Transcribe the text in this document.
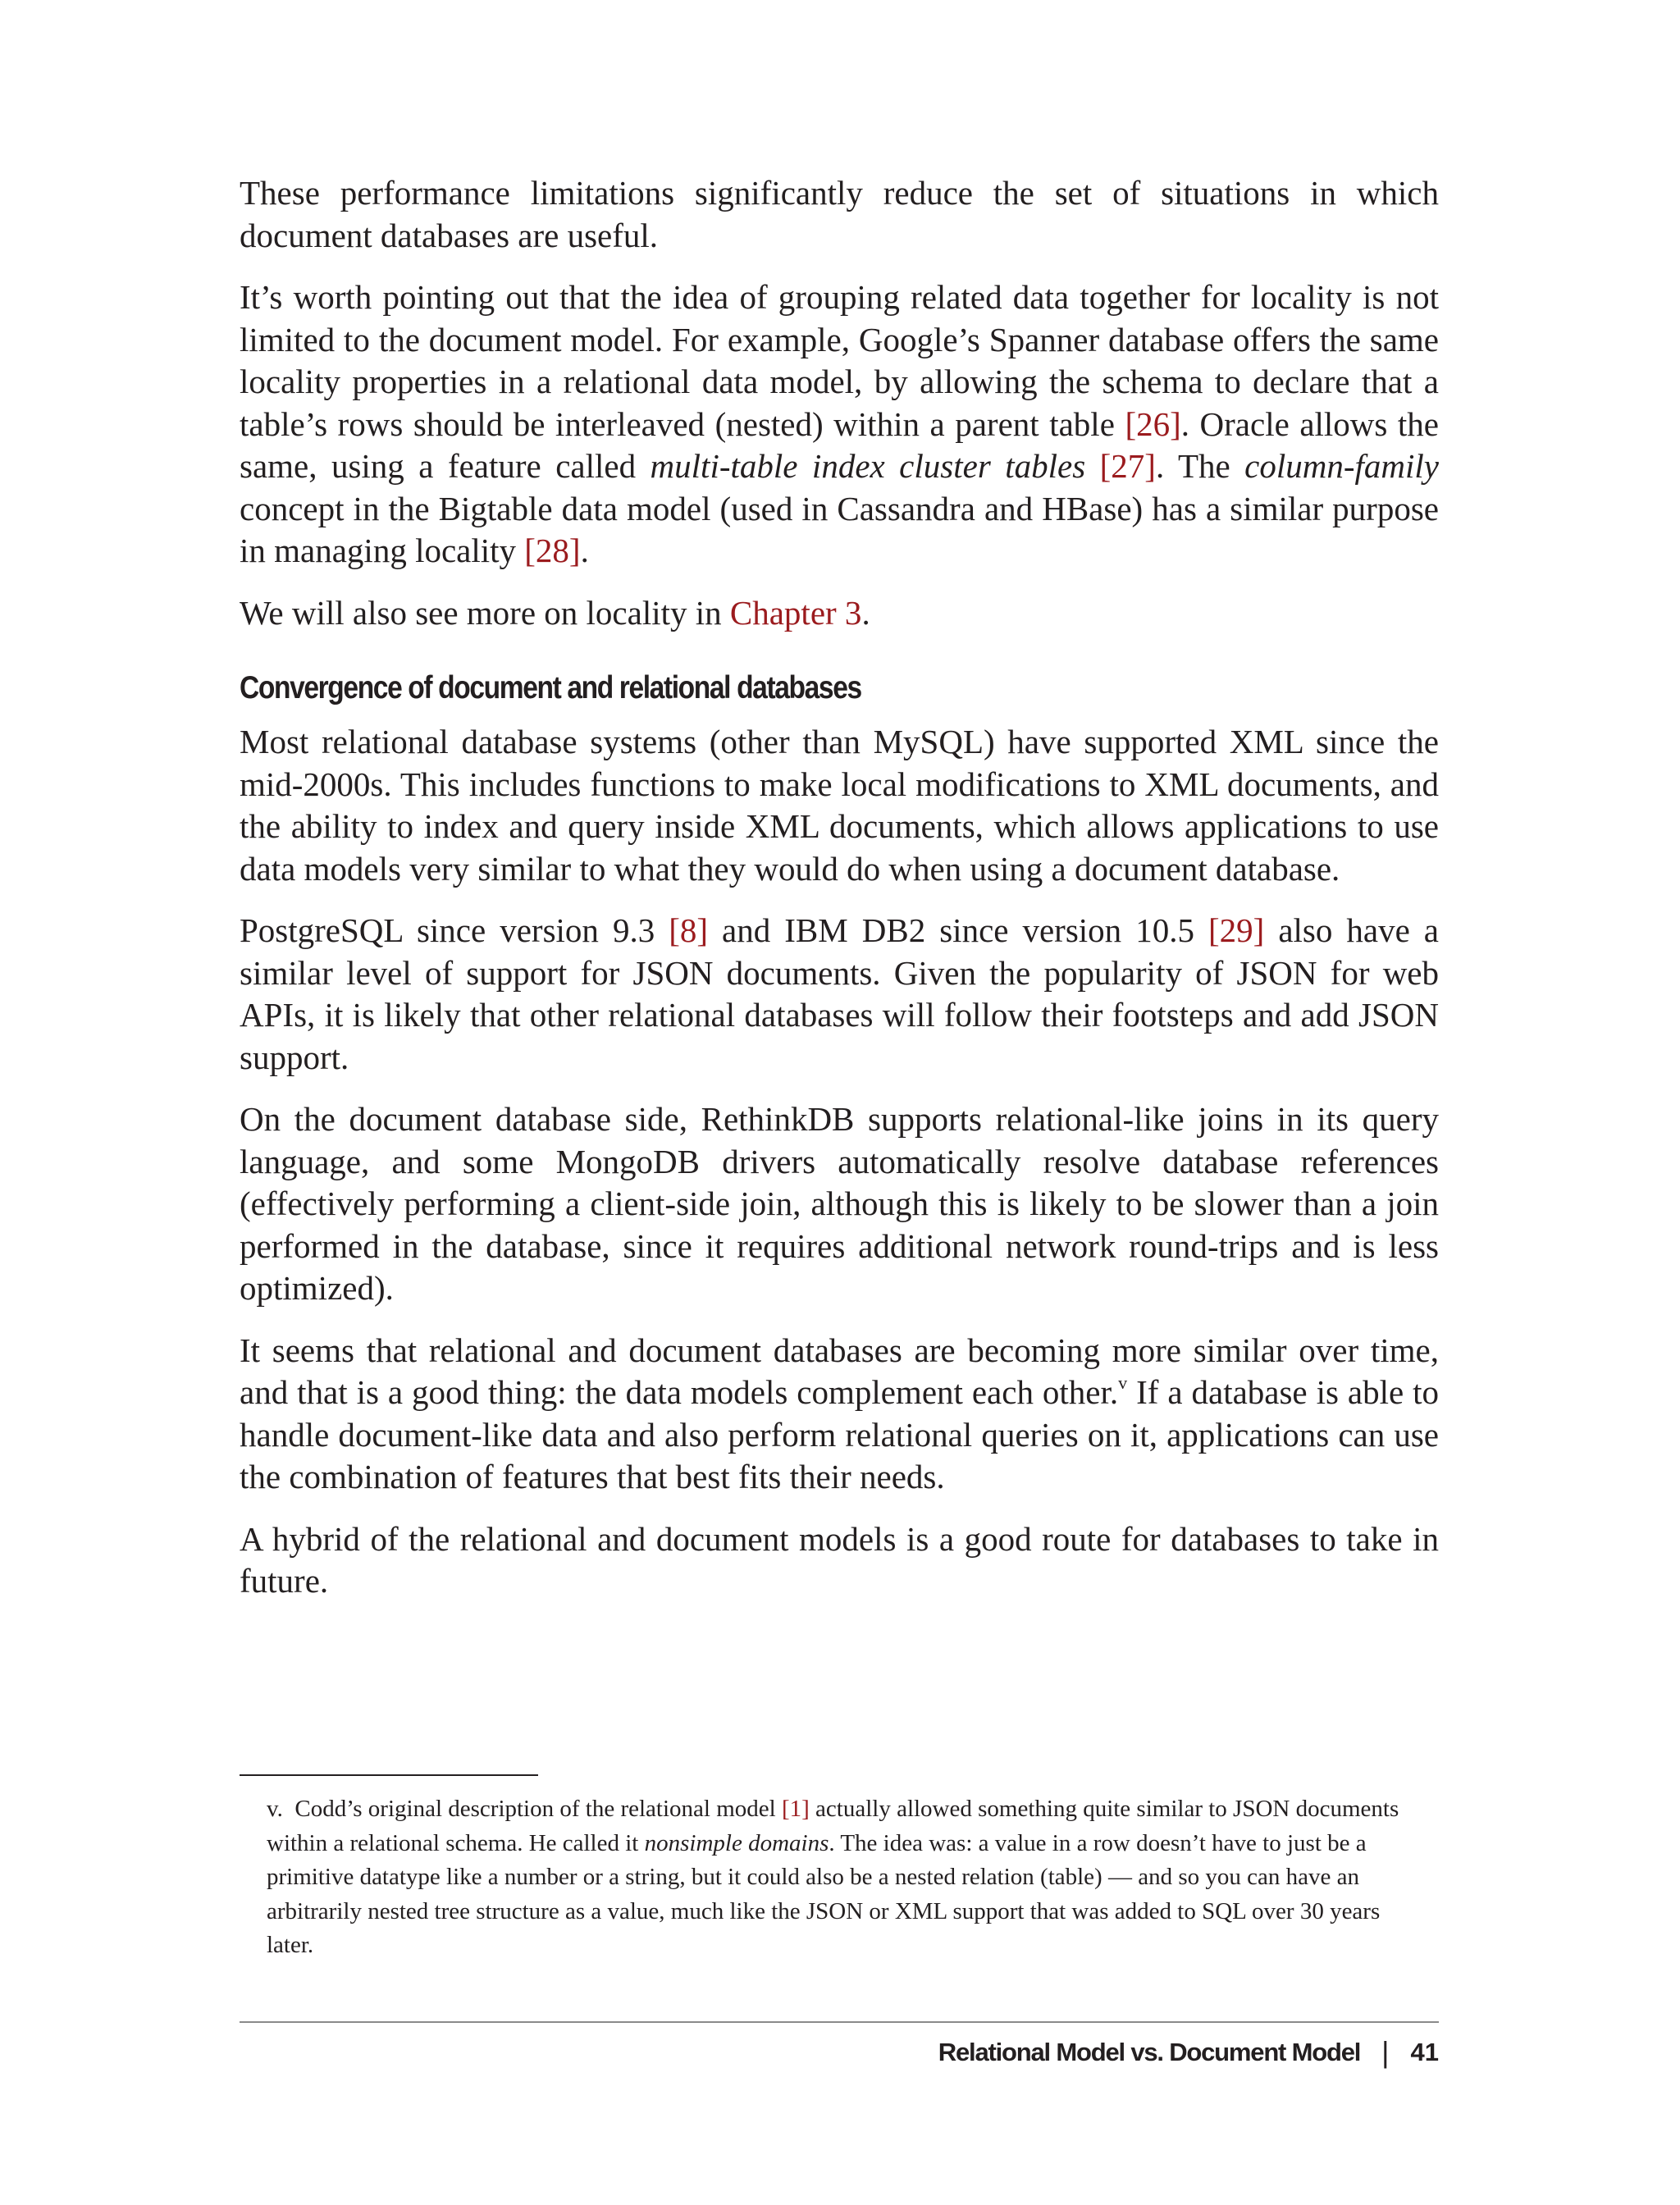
These performance limitations significantly reduce the set of situations in which document databases are useful.

It’s worth pointing out that the idea of grouping related data together for locality is not limited to the document model. For example, Google’s Spanner database offers the same locality properties in a relational data model, by allowing the schema to declare that a table’s rows should be interleaved (nested) within a parent table [26]. Oracle allows the same, using a feature called multi-table index cluster tables [27]. The column-family concept in the Bigtable data model (used in Cassandra and HBase) has a similar purpose in managing locality [28].

We will also see more on locality in Chapter 3.

Convergence of document and relational databases

Most relational database systems (other than MySQL) have supported XML since the mid-2000s. This includes functions to make local modifications to XML documents, and the ability to index and query inside XML documents, which allows applications to use data models very similar to what they would do when using a document database.

PostgreSQL since version 9.3 [8] and IBM DB2 since version 10.5 [29] also have a similar level of support for JSON documents. Given the popularity of JSON for web APIs, it is likely that other relational databases will follow their footsteps and add JSON support.

On the document database side, RethinkDB supports relational-like joins in its query language, and some MongoDB drivers automatically resolve database references (effectively performing a client-side join, although this is likely to be slower than a join performed in the database, since it requires additional network round-trips and is less optimized).

It seems that relational and document databases are becoming more similar over time, and that is a good thing: the data models complement each other.$^v$ If a database is able to handle document-like data and also perform relational queries on it, applications can use the combination of features that best fits their needs.

A hybrid of the relational and document models is a good route for databases to take in future.

v. Codd’s original description of the relational model [1] actually allowed something quite similar to JSON documents within a relational schema. He called it nonsimple domains. The idea was: a value in a row doesn’t have to just be a primitive datatype like a number or a string, but it could also be a nested relation (table) — and so you can have an arbitrarily nested tree structure as a value, much like the JSON or XML support that was added to SQL over 30 years later.

Relational Model vs. Document Model | 41
